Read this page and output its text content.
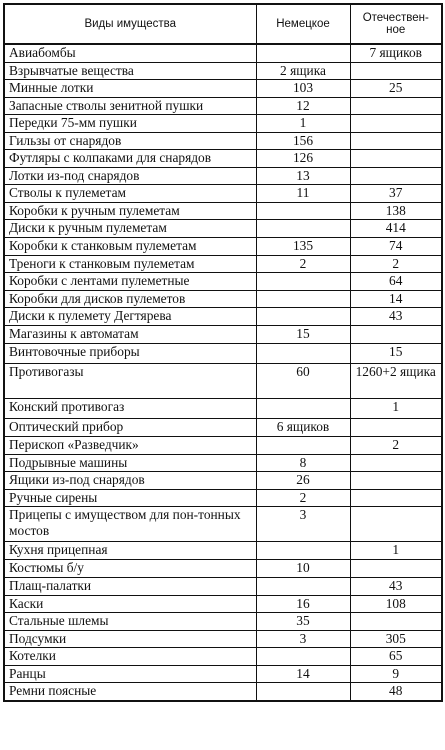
Виды имущества	Немецкое	Отечествен-
ное
Авиабомбы		7 ящиков
Взрывчатые вещества	2 ящика	
Минные лотки	103	25
Запасные стволы зенитной пушки	12	
Передки 75-мм пушки	1	
Гильзы от снарядов	156	
Футляры с колпаками для снарядов	126	
Лотки из-под снарядов	13	
Стволы к пулеметам	11	37
Коробки к ручным пулеметам		138
Диски к ручным пулеметам		414
Коробки к станковым пулеметам	135	74
Треноги к станковым пулеметам	2	2
Коробки с лентами пулеметные		64
Коробки для дисков пулеметов		14
Диски к пулемету Дегтярева		43
Магазины к автоматам	15	
Винтовочные приборы		15
Противогазы	60	1260+2 ящика
Конский противогаз		1
Оптический прибор	6 ящиков	
Перископ «Разведчик»		2
Подрывные машины	8	
Ящики из-под снарядов	26	
Ручные сирены	2	
Прицепы с имуществом для пон-тонных мостов	3	
Кухня прицепная		1
Костюмы б/у	10	
Плащ-палатки		43
Каски	16	108
Стальные шлемы	35	
Подсумки	3	305
Котелки		65
Ранцы	14	9
Ремни поясные		48
